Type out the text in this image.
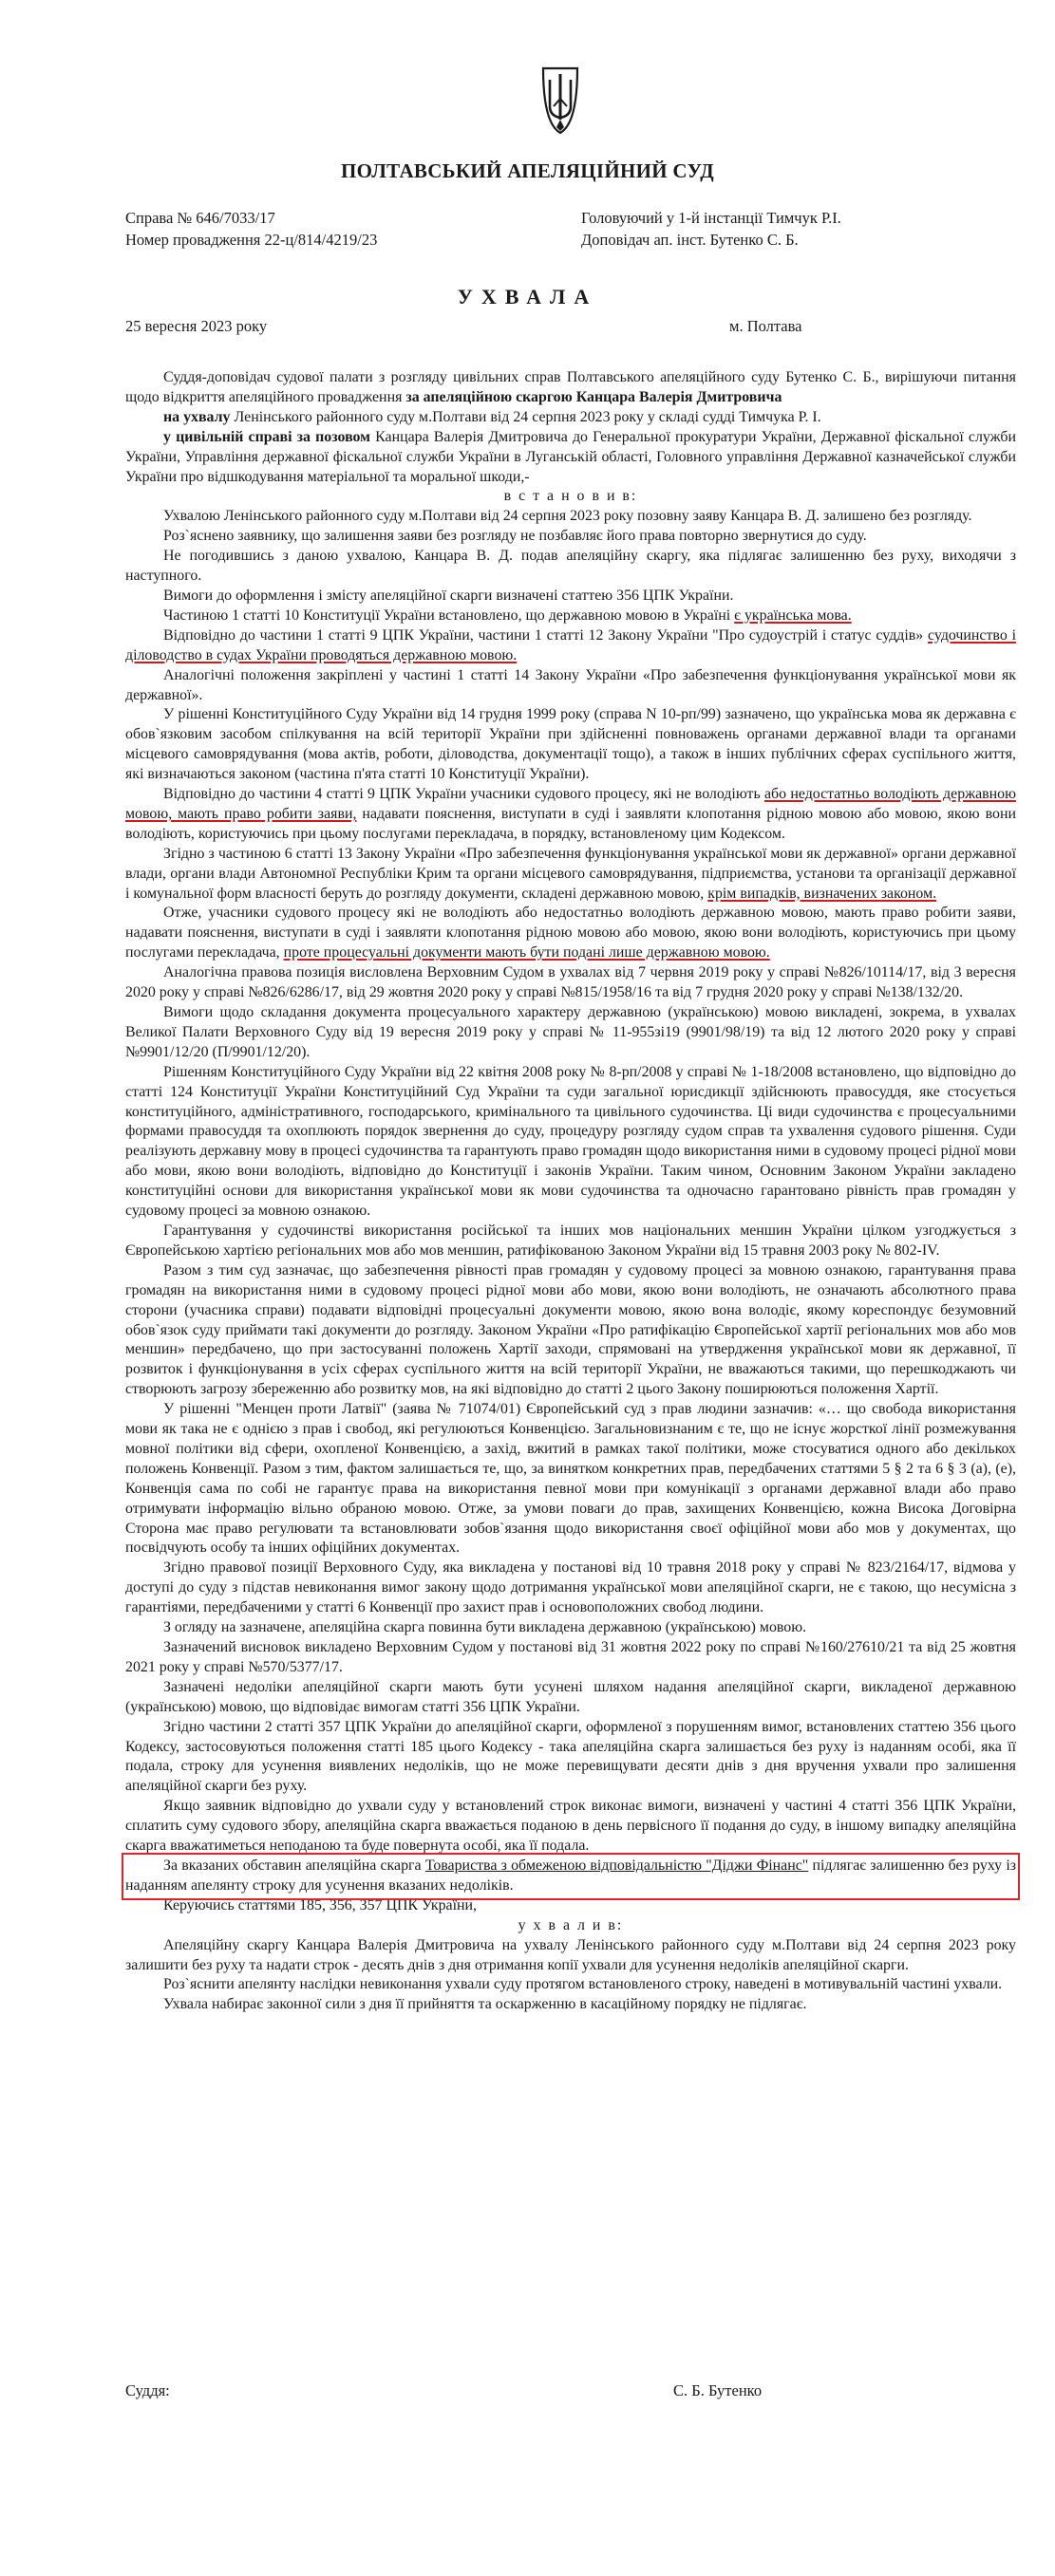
ПОЛТАВСЬКИЙ АПЕЛЯЦІЙНИЙ СУД
Справа № 646/7033/17
Номер провадження 22-ц/814/4219/23
Головуючий у 1-й інстанції Тимчук Р.І.
Доповідач ап. інст. Бутенко С. Б.
УХВАЛА
25 вересня 2023 року	м. Полтава

Суддя-доповідач судової палати з розгляду цивільних справ Полтавського апеляційного суду Бутенко С. Б., вирішуючи питання щодо відкриття апеляційного провадження за апеляційною скаргою Канцара Валерія Дмитровича

на ухвалу Ленінського районного суду м.Полтави від 24 серпня 2023 року у складі судді Тимчука Р. І.

у цивільній справі за позовом Канцара Валерія Дмитровича до Генеральної прокуратури України, Державної фіскальної служби України, Управління державної фіскальної служби України в Луганській області, Головного управління Державної казначейської служби України про відшкодування матеріальної та моральної шкоди,-

в с т а н о в и в:

Ухвалою Ленінського районного суду м.Полтави від 24 серпня 2023 року позовну заяву Канцара В. Д. залишено без розгляду.

Роз`яснено заявнику, що залишення заяви без розгляду не позбавляє його права повторно звернутися до суду.

Не погодившись з даною ухвалою, Канцара В. Д. подав апеляційну скаргу, яка підлягає залишенню без руху, виходячи з наступного.

Вимоги до оформлення і змісту апеляційної скарги визначені статтею 356 ЦПК України.

Частиною 1 статті 10 Конституції України встановлено, що державною мовою в Україні є українська мова.

Відповідно до частини 1 статті 9 ЦПК України, частини 1 статті 12 Закону України "Про судоустрій і статус суддів» судочинство і діловодство в судах України проводяться державною мовою.

Аналогічні положення закріплені у частині 1 статті 14 Закону України «Про забезпечення функціонування української мови як державної».

У рішенні Конституційного Суду України від 14 грудня 1999 року (справа N 10-рп/99) зазначено, що українська мова як державна є обов`язковим засобом спілкування на всій території України при здійсненні повноважень органами державної влади та органами місцевого самоврядування (мова актів, роботи, діловодства, документації тощо), а також в інших публічних сферах суспільного життя, які визначаються законом (частина п'ята статті 10 Конституції України).

Відповідно до частини 4 статті 9 ЦПК України учасники судового процесу, які не володіють або недостатньо володіють державною мовою, мають право робити заяви, надавати пояснення, виступати в суді і заявляти клопотання рідною мовою або мовою, якою вони володіють, користуючись при цьому послугами перекладача, в порядку, встановленому цим Кодексом.

Згідно з частиною 6 статті 13 Закону України «Про забезпечення функціонування української мови як державної» органи державної влади, органи влади Автономної Республіки Крим та органи місцевого самоврядування, підприємства, установи та організації державної і комунальної форм власності беруть до розгляду документи, складені державною мовою, крім випадків, визначених законом.

Отже, учасники судового процесу які не володіють або недостатньо володіють державною мовою, мають право робити заяви, надавати пояснення, виступати в суді і заявляти клопотання рідною мовою або мовою, якою вони володіють, користуючись при цьому послугами перекладача, проте процесуальні документи мають бути подані лише державною мовою.

Аналогічна правова позиція висловлена Верховним Судом в ухвалах від 7 червня 2019 року у справі №826/10114/17, від 3 вересня 2020 року у справі №826/6286/17, від 29 жовтня 2020 року у справі №815/1958/16 та від 7 грудня 2020 року у справі №138/132/20.

Вимоги щодо складання документа процесуального характеру державною (українською) мовою викладені, зокрема, в ухвалах Великої Палати Верховного Суду від 19 вересня 2019 року у справі № 11-955зі19 (9901/98/19) та від 12 лютого 2020 року у справі №9901/12/20 (П/9901/12/20).

Рішенням Конституційного Суду України від 22 квітня 2008 року № 8-рп/2008 у справі № 1-18/2008 встановлено, що відповідно до статті 124 Конституції України Конституційний Суд України та суди загальної юрисдикції здійснюють правосуддя, яке стосується конституційного, адміністративного, господарського, кримінального та цивільного судочинства. Ці види судочинства є процесуальними формами правосуддя та охоплюють порядок звернення до суду, процедуру розгляду судом справ та ухвалення судового рішення. Суди реалізують державну мову в процесі судочинства та гарантують право громадян щодо використання ними в судовому процесі рідної мови або мови, якою вони володіють, відповідно до Конституції і законів України. Таким чином, Основним Законом України закладено конституційні основи для використання української мови як мови судочинства та одночасно гарантовано рівність прав громадян у судовому процесі за мовною ознакою.

Гарантування у судочинстві використання російської та інших мов національних меншин України цілком узгоджується з Європейською хартією регіональних мов або мов меншин, ратифікованою Законом України від 15 травня 2003 року № 802-IV.

Разом з тим суд зазначає, що забезпечення рівності прав громадян у судовому процесі за мовною ознакою, гарантування права громадян на використання ними в судовому процесі рідної мови або мови, якою вони володіють, не означають абсолютного права сторони (учасника справи) подавати відповідні процесуальні документи мовою, якою вона володіє, якому кореспондує безумовний обов`язок суду приймати такі документи до розгляду. Законом України «Про ратифікацію Європейської хартії регіональних мов або мов меншин» передбачено, що при застосуванні положень Хартії заходи, спрямовані на утвердження української мови як державної, її розвиток і функціонування в усіх сферах суспільного життя на всій території України, не вважаються такими, що перешкоджають чи створюють загрозу збереженню або розвитку мов, на які відповідно до статті 2 цього Закону поширюються положення Хартії.

У рішенні "Менцен проти Латвії" (заява № 71074/01) Європейський суд з прав людини зазначив: «… що свобода використання мови як така не є однією з прав і свобод, які регулюються Конвенцією. Загальновизнаним є те, що не існує жорсткої лінії розмежування мовної політики від сфери, охопленої Конвенцією, а захід, вжитий в рамках такої політики, може стосуватися одного або декількох положень Конвенції. Разом з тим, фактом залишається те, що, за винятком конкретних прав, передбачених статтями 5 § 2 та 6 § 3 (а), (е), Конвенція сама по собі не гарантує права на використання певної мови при комунікації з органами державної влади або право отримувати інформацію вільно обраною мовою. Отже, за умови поваги до прав, захищених Конвенцією, кожна Висока Договірна Сторона має право регулювати та встановлювати зобов`язання щодо використання своєї офіційної мови або мов у документах, що посвідчують особу та інших офіційних документах.

Згідно правової позиції Верховного Суду, яка викладена у постанові від 10 травня 2018 року у справі № 823/2164/17, відмова у доступі до суду з підстав невиконання вимог закону щодо дотримання української мови апеляційної скарги, не є такою, що несумісна з гарантіями, передбаченими у статті 6 Конвенції про захист прав і основоположних свобод людини.

З огляду на зазначене, апеляційна скарга повинна бути викладена державною (українською) мовою.

Зазначений висновок викладено Верховним Судом у постанові від 31 жовтня 2022 року по справі №160/27610/21 та від 25 жовтня 2021 року у справі №570/5377/17.

Зазначені недоліки апеляційної скарги мають бути усунені шляхом надання апеляційної скарги, викладеної державною (українською) мовою, що відповідає вимогам статті 356 ЦПК України.

Згідно частини 2 статті 357 ЦПК України до апеляційної скарги, оформленої з порушенням вимог, встановлених статтею 356 цього Кодексу, застосовуються положення статті 185 цього Кодексу - така апеляційна скарга залишається без руху із наданням особі, яка її подала, строку для усунення виявлених недоліків, що не може перевищувати десяти днів з дня вручення ухвали про залишення апеляційної скарги без руху.

Якщо заявник відповідно до ухвали суду у встановлений строк виконає вимоги, визначені у частині 4 статті 356 ЦПК України, сплатить суму судового збору, апеляційна скарга вважається поданою в день первісного її подання до суду, в іншому випадку апеляційна скарга вважатиметься неподаною та буде повернута особі, яка її подала.

За вказаних обставин апеляційна скарга Товариства з обмеженою відповідальністю "Діджи Фінанс" підлягає залишенню без руху із наданням апелянту строку для усунення вказаних недоліків.

Керуючись статтями 185, 356, 357 ЦПК України,

у х в а л и в:

Апеляційну скаргу Канцара Валерія Дмитровича на ухвалу Ленінського районного суду м.Полтави від 24 серпня 2023 року залишити без руху та надати строк - десять днів з дня отримання копії ухвали для усунення недоліків апеляційної скарги.

Роз`яснити апелянту наслідки невиконання ухвали суду протягом встановленого строку, наведені в мотивувальній частині ухвали.

Ухвала набирає законної сили з дня її прийняття та оскарженню в касаційному порядку не підлягає.

Суддя:	С. Б. Бутенко
